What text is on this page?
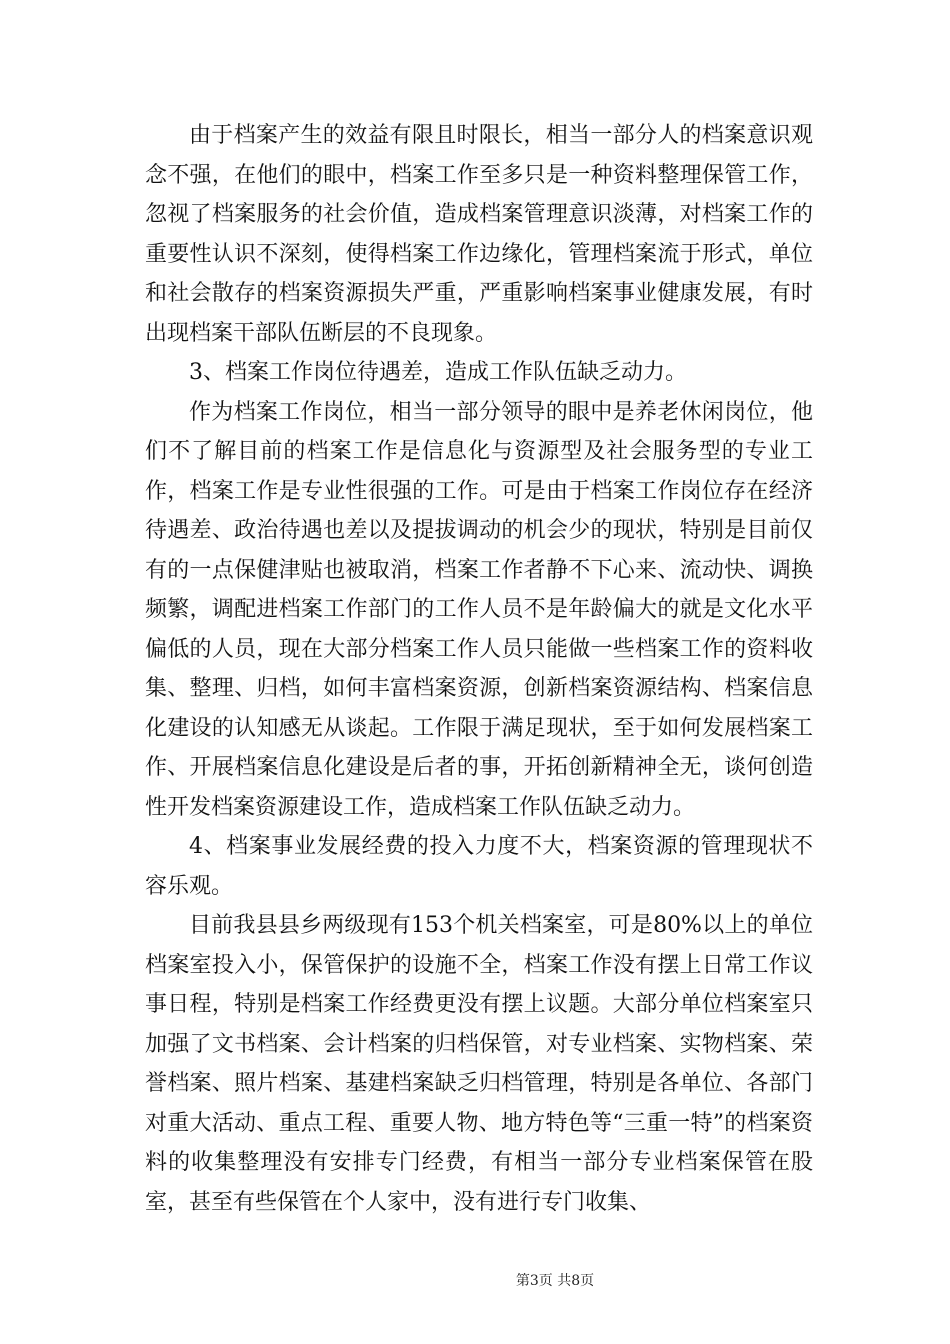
由于档案产生的效益有限且时限长，相当一部分人的档案意识观念不强，在他们的眼中，档案工作至多只是一种资料整理保管工作，忽视了档案服务的社会价值，造成档案管理意识淡薄，对档案工作的重要性认识不深刻，使得档案工作边缘化，管理档案流于形式，单位和社会散存的档案资源损失严重，严重影响档案事业健康发展，有时出现档案干部队伍断层的不良现象。

3、档案工作岗位待遇差，造成工作队伍缺乏动力。

作为档案工作岗位，相当一部分领导的眼中是养老休闲岗位，他们不了解目前的档案工作是信息化与资源型及社会服务型的专业工作，档案工作是专业性很强的工作。可是由于档案工作岗位存在经济待遇差、政治待遇也差以及提拔调动的机会少的现状，特别是目前仅有的一点保健津贴也被取消，档案工作者静不下心来、流动快、调换频繁，调配进档案工作部门的工作人员不是年龄偏大的就是文化水平偏低的人员，现在大部分档案工作人员只能做一些档案工作的资料收集、整理、归档，如何丰富档案资源，创新档案资源结构、档案信息化建设的认知感无从谈起。工作限于满足现状，至于如何发展档案工作、开展档案信息化建设是后者的事，开拓创新精神全无，谈何创造性开发档案资源建设工作，造成档案工作队伍缺乏动力。

4、档案事业发展经费的投入力度不大，档案资源的管理现状不容乐观。

目前我县县乡两级现有153个机关档案室，可是80%以上的单位档案室投入小，保管保护的设施不全，档案工作没有摆上日常工作议事日程，特别是档案工作经费更没有摆上议题。大部分单位档案室只加强了文书档案、会计档案的归档保管，对专业档案、实物档案、荣誉档案、照片档案、基建档案缺乏归档管理，特别是各单位、各部门对重大活动、重点工程、重要人物、地方特色等“三重一特”的档案资料的收集整理没有安排专门经费，有相当一部分专业档案保管在股室，甚至有些保管在个人家中，没有进行专门收集、

第3页 共8页
